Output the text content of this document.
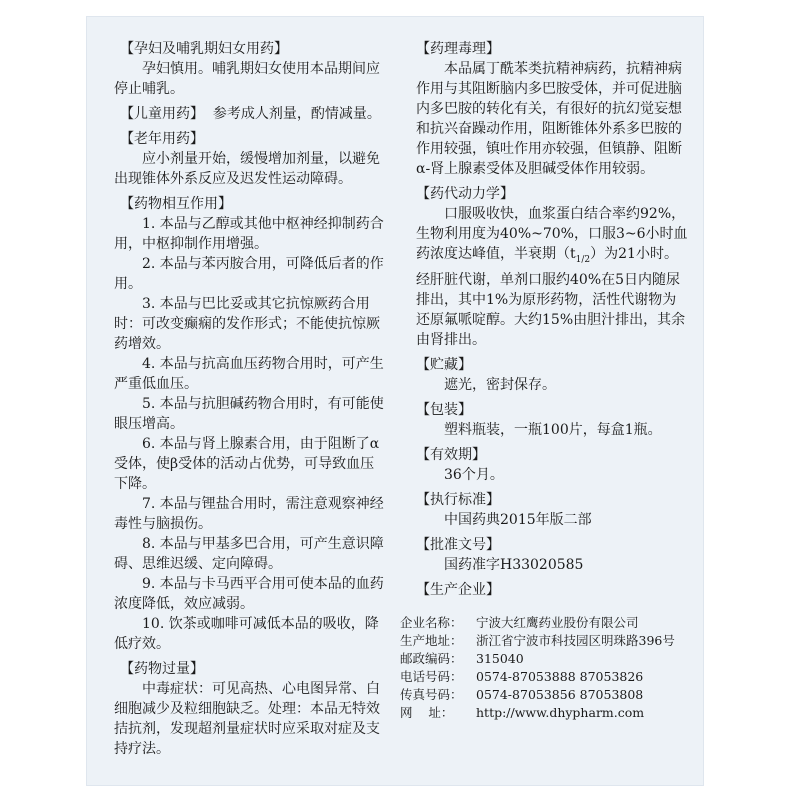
【孕妇及哺乳期妇女用药】

孕妇慎用。哺乳期妇女使用本品期间应停止哺乳。

【儿童用药】 参考成人剂量，酌情减量。

【老年用药】

应小剂量开始，缓慢增加剂量，以避免出现锥体外系反应及迟发性运动障碍。

【药物相互作用】

1. 本品与乙醇或其他中枢神经抑制药合用，中枢抑制作用增强。

2. 本品与苯丙胺合用，可降低后者的作用。

3. 本品与巴比妥或其它抗惊厥药合用时：可改变癫痫的发作形式；不能使抗惊厥药增效。

4. 本品与抗高血压药物合用时，可产生严重低血压。

5. 本品与抗胆碱药物合用时，有可能使眼压增高。

6. 本品与肾上腺素合用，由于阻断了α受体，使β受体的活动占优势，可导致血压下降。

7. 本品与锂盐合用时，需注意观察神经毒性与脑损伤。

8. 本品与甲基多巴合用，可产生意识障碍、思维迟缓、定向障碍。

9. 本品与卡马西平合用可使本品的血药浓度降低，效应减弱。

10. 饮茶或咖啡可减低本品的吸收，降低疗效。

【药物过量】

中毒症状：可见高热、心电图异常、白细胞减少及粒细胞缺乏。处理：本品无特效拮抗剂，发现超剂量症状时应采取对症及支持疗法。

【药理毒理】

本品属丁酰苯类抗精神病药，抗精神病作用与其阻断脑内多巴胺受体，并可促进脑内多巴胺的转化有关，有很好的抗幻觉妄想和抗兴奋躁动作用，阻断锥体外系多巴胺的作用较强，镇吐作用亦较强，但镇静、阻断α-肾上腺素受体及胆碱受体作用较弱。

【药代动力学】

口服吸收快，血浆蛋白结合率约92%，生物利用度为40%~70%，口服3~6小时血药浓度达峰值，半衰期$(t_{1/2})$为21小时。经肝脏代谢，单剂口服约40%在5日内随尿排出，其中1%为原形药物，活性代谢物为还原氟哌啶醇。大约15%由胆汁排出，其余由肾排出。

【贮藏】

遮光，密封保存。

【包装】

塑料瓶装，一瓶100片，每盒1瓶。

【有效期】

36个月。

【执行标准】

中国药典2015年版二部

【批准文号】

国药准字H33020585

【生产企业】

企业名称： 宁波大红鹰药业股份有限公司
生产地址： 浙江省宁波市科技园区明珠路396号
邮政编码： 315040
电话号码： 0574-87053888 87053826
传真号码： 0574-87053856 87053808
网    址： http://www.dhypharm.com
